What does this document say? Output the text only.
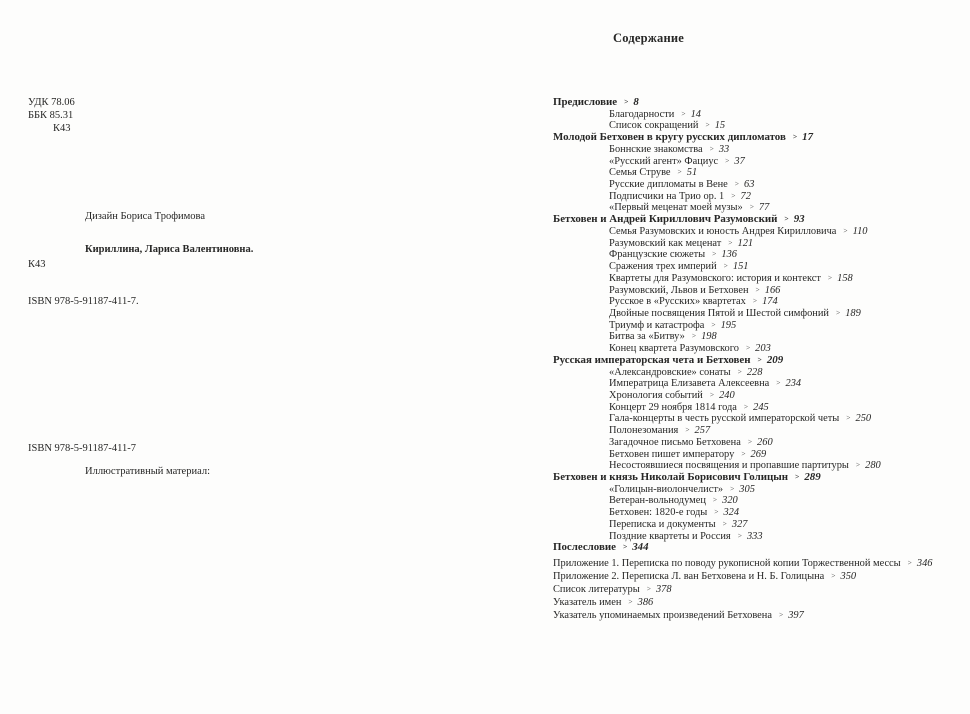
УДК 78.06
ББК 85.31
К43
Дизайн Бориса Трофимова
Кириллина, Лариса Валентиновна.
К43
ISBN 978-5-91187-411-7.
ISBN 978-5-91187-411-7
Иллюстративный материал:
Содержание
Предисловие > 8
Благодарности > 14
Список сокращений > 15
Молодой Бетховен в кругу русских дипломатов > 17
Боннские знакомства > 33
«Русский агент» Фациус > 37
Семья Струве > 51
Русские дипломаты в Вене > 63
Подписчики на Трио ор. 1 > 72
«Первый меценат моей музы» > 77
Бетховен и Андрей Кириллович Разумовский > 93
Семья Разумовских и юность Андрея Кирилловича > 110
Разумовский как меценат > 121
Французские сюжеты > 136
Сражения трех империй > 151
Квартеты для Разумовского: история и контекст > 158
Разумовский, Львов и Бетховен > 166
Русское в «Русских» квартетах > 174
Двойные посвящения Пятой и Шестой симфоний > 189
Триумф и катастрофа > 195
Битва за «Битву» > 198
Конец квартета Разумовского > 203
Русская императорская чета и Бетховен > 209
«Александровские» сонаты > 228
Императрица Елизавета Алексеевна > 234
Хронология событий > 240
Концерт 29 ноября 1814 года > 245
Гала-концерты в честь русской императорской четы > 250
Полонезомания > 257
Загадочное письмо Бетховена > 260
Бетховен пишет императору > 269
Несостоявшиеся посвящения и пропавшие партитуры > 280
Бетховен и князь Николай Борисович Голицын > 289
«Голицын-виолончелист» > 305
Ветеран-вольнодумец > 320
Бетховен: 1820-е годы > 324
Переписка и документы > 327
Поздние квартеты и Россия > 333
Послесловие > 344
Приложение 1. Переписка по поводу рукописной копии Торжественной мессы > 346
Приложение 2. Переписка Л. ван Бетховена и Н. Б. Голицына > 350
Список литературы > 378
Указатель имен > 386
Указатель упоминаемых произведений Бетховена > 397
